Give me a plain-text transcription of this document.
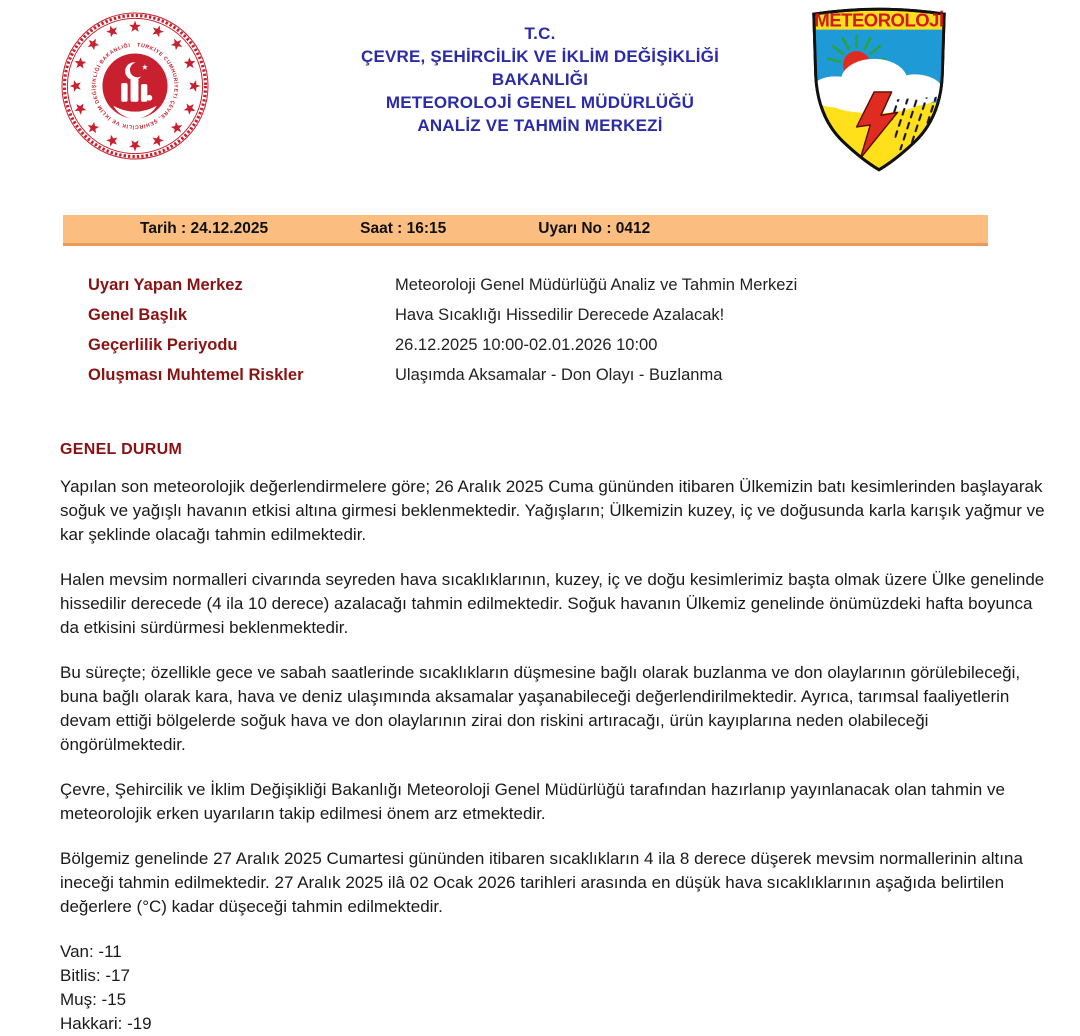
TÜRKİYE CUMHURİYETİ ÇEVRE, ŞEHİRCİLİK VE İKLİM DEĞİŞİKLİĞİ BAKANLIĞI
T.C.
ÇEVRE, ŞEHİRCİLİK VE İKLİM DEĞİŞİKLİĞİ
BAKANLIĞI
METEOROLOJİ GENEL MÜDÜRLÜĞÜ
ANALİZ VE TAHMİN MERKEZİ
METEOROLOJİ
Tarih : 24.12.2025	Saat : 16:15	Uyarı No : 0412
Uyarı Yapan Merkez	Meteoroloji Genel Müdürlüğü Analiz ve Tahmin Merkezi
Genel Başlık	Hava Sıcaklığı Hissedilir Derecede Azalacak!
Geçerlilik Periyodu	26.12.2025 10:00-02.01.2026 10:00
Oluşması Muhtemel Riskler	Ulaşımda Aksamalar - Don Olayı - Buzlanma
GENEL DURUM

Yapılan son meteorolojik değerlendirmelere göre; 26 Aralık 2025 Cuma gününden itibaren Ülkemizin batı kesimlerinden başlayarak soğuk ve yağışlı havanın etkisi altına girmesi beklenmektedir. Yağışların; Ülkemizin kuzey, iç ve doğusunda karla karışık yağmur ve kar şeklinde olacağı tahmin edilmektedir.

Halen mevsim normalleri civarında seyreden hava sıcaklıklarının, kuzey, iç ve doğu kesimlerimiz başta olmak üzere Ülke genelinde hissedilir derecede (4 ila 10 derece) azalacağı tahmin edilmektedir. Soğuk havanın Ülkemiz genelinde önümüzdeki hafta boyunca da etkisini sürdürmesi beklenmektedir.

Bu süreçte; özellikle gece ve sabah saatlerinde sıcaklıkların düşmesine bağlı olarak buzlanma ve don olaylarının görülebileceği, buna bağlı olarak kara, hava ve deniz ulaşımında aksamalar yaşanabileceği değerlendirilmektedir. Ayrıca, tarımsal faaliyetlerin devam ettiği bölgelerde soğuk hava ve don olaylarının zirai don riskini artıracağı, ürün kayıplarına neden olabileceği öngörülmektedir.

Çevre, Şehircilik ve İklim Değişikliği Bakanlığı Meteoroloji Genel Müdürlüğü tarafından hazırlanıp yayınlanacak olan tahmin ve meteorolojik erken uyarıların takip edilmesi önem arz etmektedir.

Bölgemiz genelinde 27 Aralık 2025 Cumartesi gününden itibaren sıcaklıkların 4 ila 8 derece düşerek mevsim normallerinin altına ineceği tahmin edilmektedir. 27 Aralık 2025 ilâ 02 Ocak 2026 tarihleri arasında en düşük hava sıcaklıklarının aşağıda belirtilen değerlere (°C) kadar düşeceği tahmin edilmektedir.

Van: -11
Bitlis: -17
Muş: -15
Hakkari: -19
